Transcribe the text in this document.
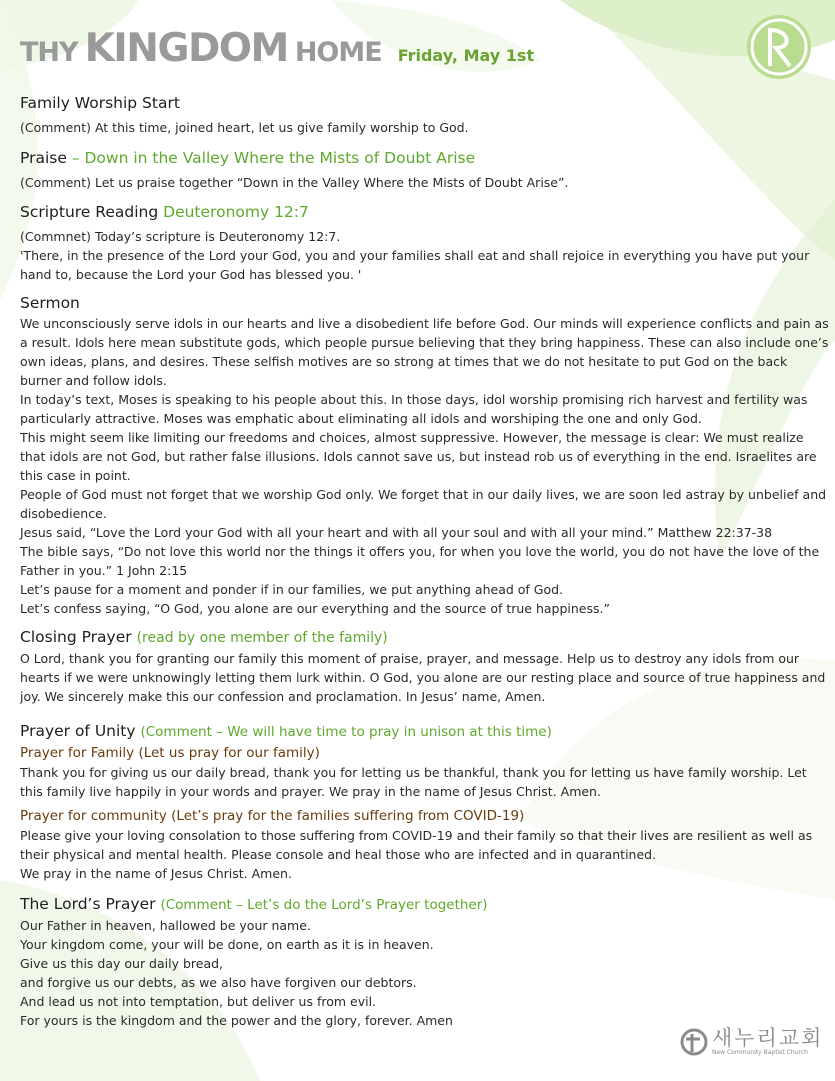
THY KINGDOM HOME Friday, May 1st
Family Worship Start

(Comment) At this time, joined heart, let us give family worship to God.

Praise – Down in the Valley Where the Mists of Doubt Arise

(Comment) Let us praise together “Down in the Valley Where the Mists of Doubt Arise”.

Scripture Reading Deuteronomy 12:7

(Commnet) Today’s scripture is Deuteronomy 12:7.

'There, in the presence of the Lord your God, you and your families shall eat and shall rejoice in everything you have put your hand to, because the Lord your God has blessed you. '

Sermon

We unconsciously serve idols in our hearts and live a disobedient life before God. Our minds will experience conflicts and pain as a result. Idols here mean substitute gods, which people pursue believing that they bring happiness. These can also include one’s own ideas, plans, and desires. These selfish motives are so strong at times that we do not hesitate to put God on the back burner and follow idols.

In today’s text, Moses is speaking to his people about this. In those days, idol worship promising rich harvest and fertility was particularly attractive. Moses was emphatic about eliminating all idols and worshiping the one and only God.

This might seem like limiting our freedoms and choices, almost suppressive. However, the message is clear: We must realize that idols are not God, but rather false illusions. Idols cannot save us, but instead rob us of everything in the end. Israelites are this case in point.

People of God must not forget that we worship God only. We forget that in our daily lives, we are soon led astray by unbelief and disobedience.

Jesus said, “Love the Lord your God with all your heart and with all your soul and with all your mind.” Matthew 22:37-38

The bible says, “Do not love this world nor the things it offers you, for when you love the world, you do not have the love of the Father in you.” 1 John 2:15

Let’s pause for a moment and ponder if in our families, we put anything ahead of God.

Let’s confess saying, “O God, you alone are our everything and the source of true happiness.”

Closing Prayer (read by one member of the family)

O Lord, thank you for granting our family this moment of praise, prayer, and message. Help us to destroy any idols from our hearts if we were unknowingly letting them lurk within. O God, you alone are our resting place and source of true happiness and joy. We sincerely make this our confession and proclamation. In Jesus’ name, Amen.

Prayer of Unity (Comment – We will have time to pray in unison at this time)
Prayer for Family (Let us pray for our family)

Thank you for giving us our daily bread, thank you for letting us be thankful, thank you for letting us have family worship. Let this family live happily in your words and prayer. We pray in the name of Jesus Christ. Amen.

Prayer for community (Let’s pray for the families suffering from COVID-19)

Please give your loving consolation to those suffering from COVID-19 and their family so that their lives are resilient as well as their physical and mental health. Please console and heal those who are infected and in quarantined.

We pray in the name of Jesus Christ. Amen.

The Lord’s Prayer (Comment – Let’s do the Lord’s Prayer together)

Our Father in heaven, hallowed be your name.

Your kingdom come, your will be done, on earth as it is in heaven.

Give us this day our daily bread,

and forgive us our debts, as we also have forgiven our debtors.

And lead us not into temptation, but deliver us from evil.

For yours is the kingdom and the power and the glory, forever. Amen

새누리교회
New Community Baptist Church
